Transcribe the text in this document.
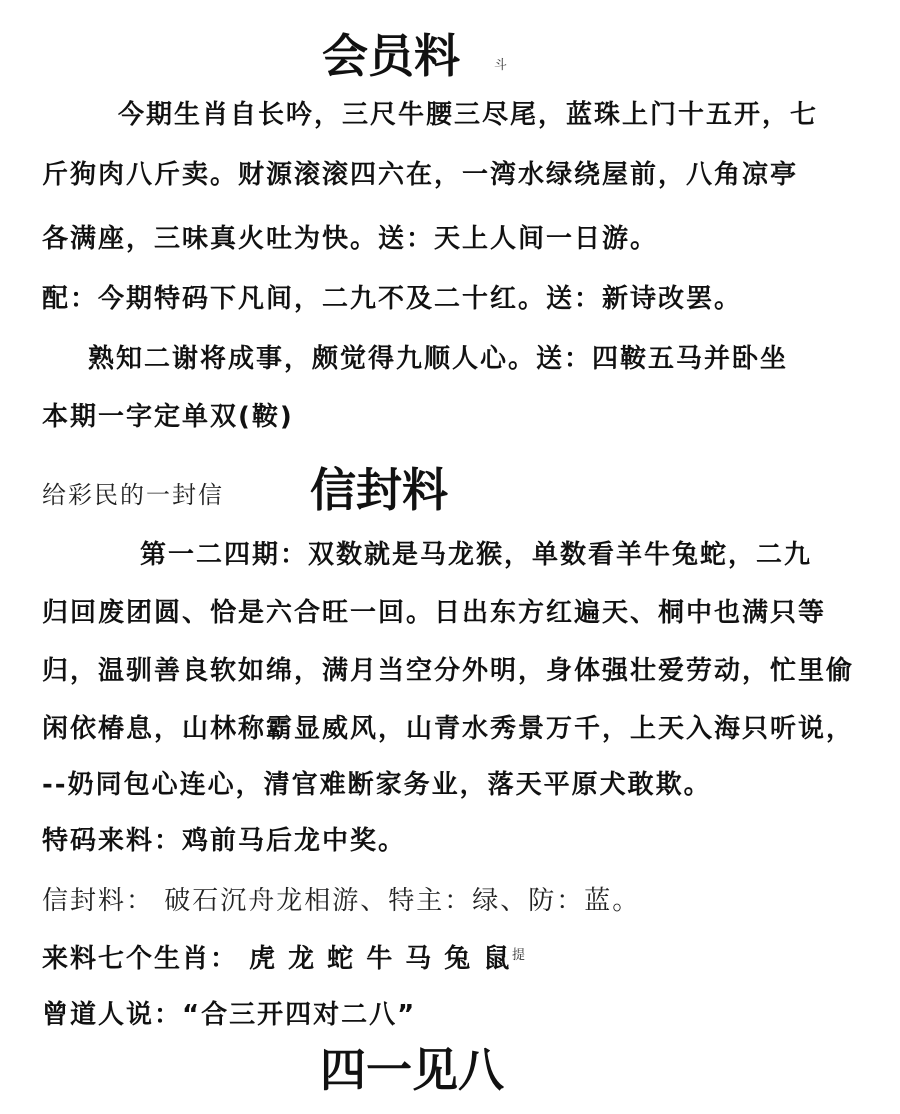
会员料	斗
今期生肖自长吟，三尺牛腰三尽尾，蓝珠上门十五开，七
斤狗肉八斤卖。财源滚滚四六在，一湾水绿绕屋前，八角凉亭
各满座，三味真火吐为快。送：天上人间一日游。
配：今期特码下凡间，二九不及二十红。送：新诗改罢。
熟知二谢将成事，颇觉得九顺人心。送：四鞍五马并卧坐
本期一字定单双(鞍)
给彩民的一封信 信封料
第一二四期：双数就是马龙猴，单数看羊牛兔蛇，二九
归回废团圆、恰是六合旺一回。日出东方红遍天、桐中也满只等
归，温驯善良软如绵，满月当空分外明，身体强壮爱劳动，忙里偷
闲依椿息，山林称霸显威风，山青水秀景万千，上天入海只听说，
--奶同包心连心，清官难断家务业，落天平原犬敢欺。
特码来料：鸡前马后龙中奖。
信封料： 破石沉舟龙相游、特主：绿、防：蓝。
来料七个生肖： 虎 龙 蛇 牛 马 兔 鼠 提
曾道人说：“合三开四对二八”
四一见八
